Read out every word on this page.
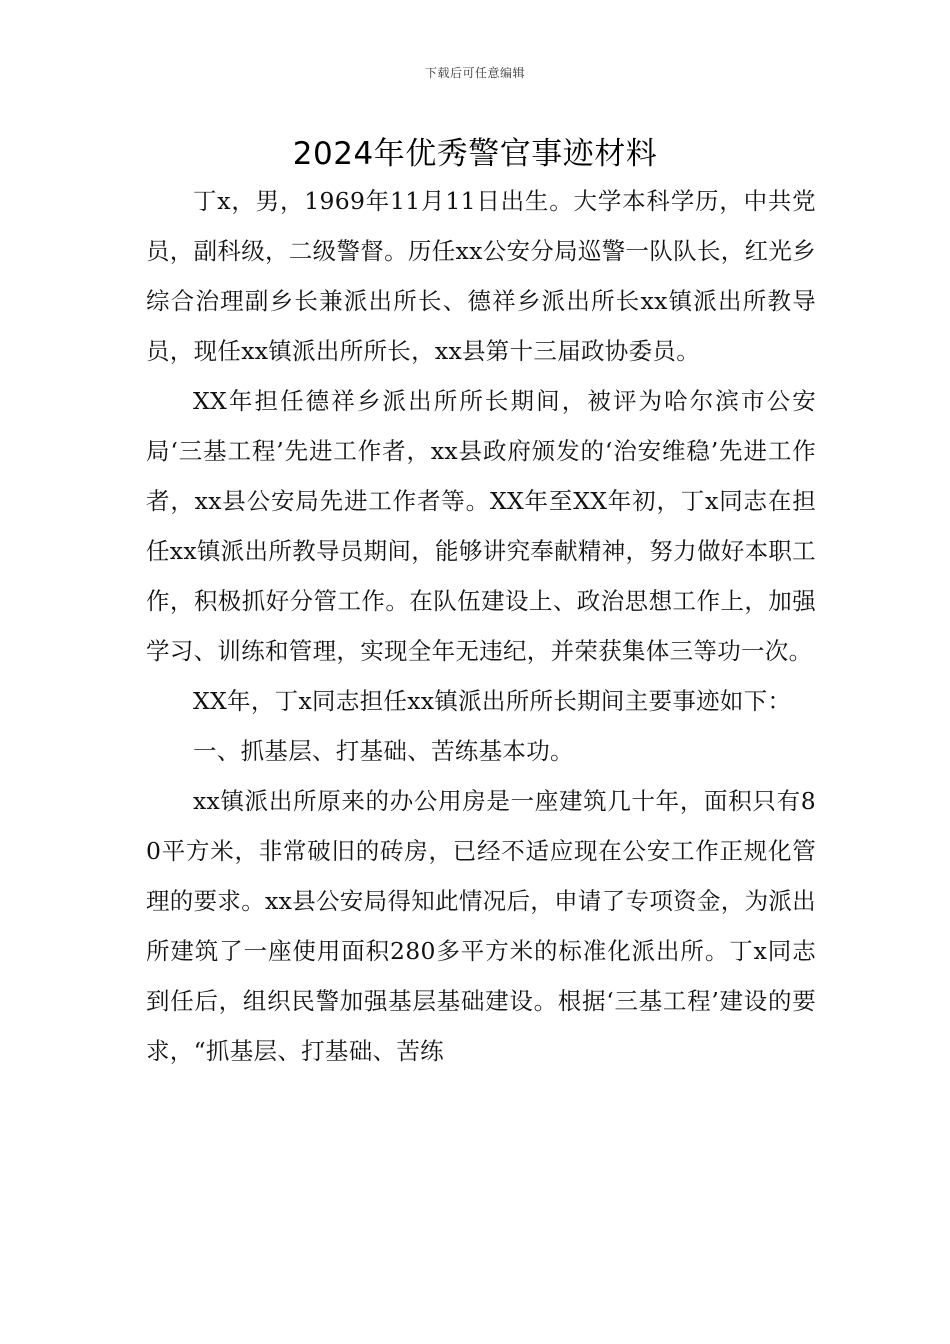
下载后可任意编辑
2024年优秀警官事迹材料

丁x，男，1969年11月11日出生。大学本科学历，中共党员，副科级，二级警督。历任xx公安分局巡警一队队长，红光乡综合治理副乡长兼派出所长、德祥乡派出所长xx镇派出所教导员，现任xx镇派出所所长，xx县第十三届政协委员。

XX年担任德祥乡派出所所长期间，被评为哈尔滨市公安局‘三基工程’先进工作者，xx县政府颁发的‘治安维稳’先进工作者，xx县公安局先进工作者等。XX年至XX年初，丁x同志在担任xx镇派出所教导员期间，能够讲究奉献精神，努力做好本职工作，积极抓好分管工作。在队伍建设上、政治思想工作上，加强学习、训练和管理，实现全年无违纪，并荣获集体三等功一次。

XX年，丁x同志担任xx镇派出所所长期间主要事迹如下：

一、抓基层、打基础、苦练基本功。

xx镇派出所原来的办公用房是一座建筑几十年，面积只有80平方米，非常破旧的砖房，已经不适应现在公安工作正规化管理的要求。xx县公安局得知此情况后，申请了专项资金，为派出所建筑了一座使用面积280多平方米的标准化派出所。丁x同志到任后，组织民警加强基层基础建设。根据‘三基工程’建设的要求，“抓基层、打基础、苦练
